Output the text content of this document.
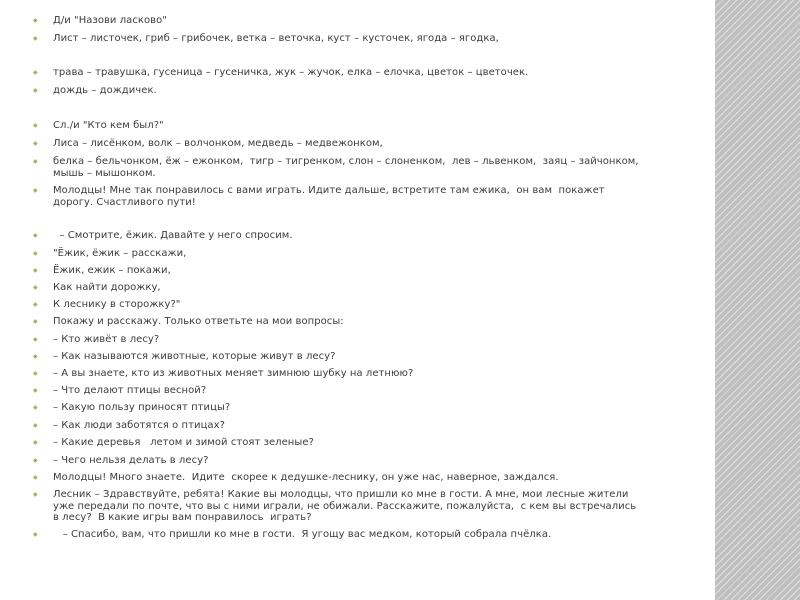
◆ Д/и "Назови ласково"
◆ Лист – листочек, гриб – грибочек, ветка – веточка, куст – кусточек, ягода – ягодка,
◆ трава – травушка, гусеница – гусеничка, жук – жучок, елка – елочка, цветок – цветочек.
◆ дождь – дождичек.
◆ Сл./и "Кто кем был?"
◆ Лиса – лисёнком, волк – волчонком, медведь – медвежонком,
◆ белка – бельчонком, ёж – ежонком,  тигр – тигренком, слон – слоненком,  лев – львенком,  заяц – зайчонком,
мышь – мышонком.
◆ Молодцы! Мне так понравилось с вами играть. Идите дальше, встретите там ежика,  он вам  покажет
дорогу. Счастливого пути!
◆ – Смотрите, ёжик. Давайте у него спросим.
◆ "Ёжик, ёжик – расскажи,
◆ Ёжик, ежик – покажи,
◆ Как найти дорожку,
◆ К леснику в сторожку?"
◆ Покажу и расскажу. Только ответьте на мои вопросы:
◆ – Кто живёт в лесу?
◆ – Как называются животные, которые живут в лесу?
◆ – А вы знаете, кто из животных меняет зимнюю шубку на летнюю?
◆ – Что делают птицы весной?
◆ – Какую пользу приносят птицы?
◆ – Как люди заботятся о птицах?
◆ – Какие деревья   летом и зимой стоят зеленые?
◆ – Чего нельзя делать в лесу?
◆ Молодцы! Много знаете.  Идите  скорее к дедушке-леснику, он уже нас, наверное, заждался.
◆ Лесник – Здравствуйте, ребята! Какие вы молодцы, что пришли ко мне в гости. А мне, мои лесные жители
уже передали по почте, что вы с ними играли, не обижали. Расскажите, пожалуйста,  с кем вы встречались
в лесу?  В какие игры вам понравилось  играть?
◆ – Спасибо, вам, что пришли ко мне в гости.  Я угощу вас медком, который собрала пчёлка.
